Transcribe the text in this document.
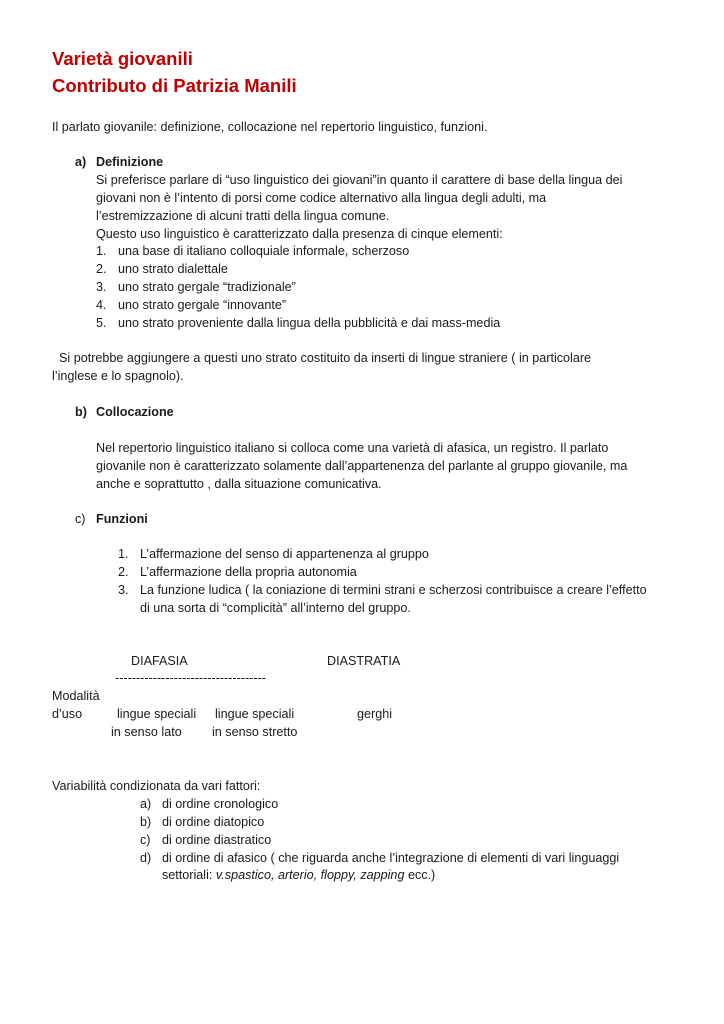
Varietà giovanili
Contributo di Patrizia Manili
Il parlato giovanile: definizione, collocazione nel repertorio linguistico, funzioni.
a) Definizione
Si preferisce parlare di “uso linguistico dei giovani”in quanto il carattere di base della lingua dei
giovani non è l’intento di porsi come codice alternativo alla lingua degli adulti, ma
l’estremizzazione di alcuni tratti della lingua comune.
Questo uso linguistico è caratterizzato dalla presenza di cinque elementi:
1. una base di italiano colloquiale informale, scherzoso
2. uno strato dialettale
3. uno strato gergale “tradizionale”
4. uno strato gergale “innovante”
5. uno strato proveniente dalla lingua della pubblicità e dai mass-media
Si potrebbe aggiungere a questi uno strato costituito da inserti di lingue straniere ( in particolare
l’inglese e lo spagnolo).
b) Collocazione
Nel repertorio linguistico italiano si colloca come una varietà di afasica, un registro. Il parlato
giovanile non è caratterizzato solamente dall’appartenenza del parlante al gruppo giovanile, ma
anche e soprattutto , dalla situazione comunicativa.
c) Funzioni
1. L’affermazione del senso di appartenenza al gruppo
2. L’affermazione della propria autonomia
3. La funzione ludica ( la coniazione di termini strani e scherzosi contribuisce a creare l’effetto
di una sorta di “complicità” all’interno del gruppo.
DIAFASIA	DIASTRATIA
------------------------------------
Modalità
d’uso	lingue speciali lingue speciali	gerghi
in senso lato in senso stretto
Variabilità condizionata da vari fattori:
a) di ordine cronologico
b) di ordine diatopico
c) di ordine diastratico
d) di ordine di afasico ( che riguarda anche l’integrazione di elementi di vari linguaggi
settoriali: v.spastico, arterio, floppy, zapping ecc.)
